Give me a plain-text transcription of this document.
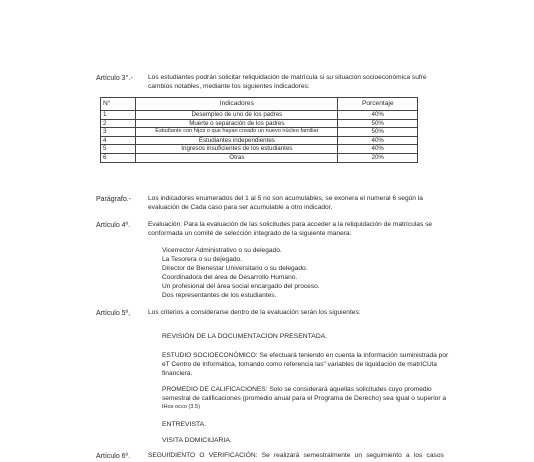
Artículo 3°.- Los estudiantes podrán solicitar reliquidación de matrícula si su situación socioeconómica sufre
cambios notables, mediante tos siguientes indicadores:
N°	Indicadores	Porcentaje
1	Desempleo de uno de los padres	40%
2	Muerte o separación de los padres	50%
3	Estudiante con hijos o que hayan creado un nuevo núcleo familiar	50%
4	Estudiantes independientes	40%
5	Ingresos insuficientes de los estudiantes	40%
6	Otras	20%
Parágrafo.-	Los indicadores enumerados del 1 al 5 no son acumulables, se exonera el numeral 6 según la
evaluación de Cada caso para ser acumulable a otro indicador.
Artículo 4º.	Evaluación: Para la evaluación de las solicitudes para acceder a la reliquidación de matrículas se
conformada un comité de selección integrado de la siguiente manera:
Vicerrector Administrativo o su delegado.
La Tesorera o su de|egado.
Director de Bienestar Universitario o su delegado.
Coordinadora del área de Desarrollo Humano.
Un profesional del área social encargado del proceso.
Dos representantes de los estudiantes.
Artículo 5º,	Los criterios a considerarse dentro de la evaluación serán los siguientes:
REVISIÓN DE LA DOCUMENTACION PRESENTADA.
ESTUDIO SOCIOECONÓMICO: Se efectuará teniendo en cuenta la información suministrada por
eT Centro de Informática, tomando como referencia las" variables de liquidación de matríCUla
financiera.
PROMEDIO DE CALIFICACIONES: Solo se considerará aquellas solicitudes cuyo promedio
semestral de calificaciones (promedio anual para el Programa de Derecho) sea igual o superior a
tHos occo (3.5)
ENTREVISTA.
VISITA DOMICIlJARIA.
Artículo 6º.	SEGUIfDIENTO O VERIFICACIÓN: Se realizará semestralmente un seguimiento a los casos
